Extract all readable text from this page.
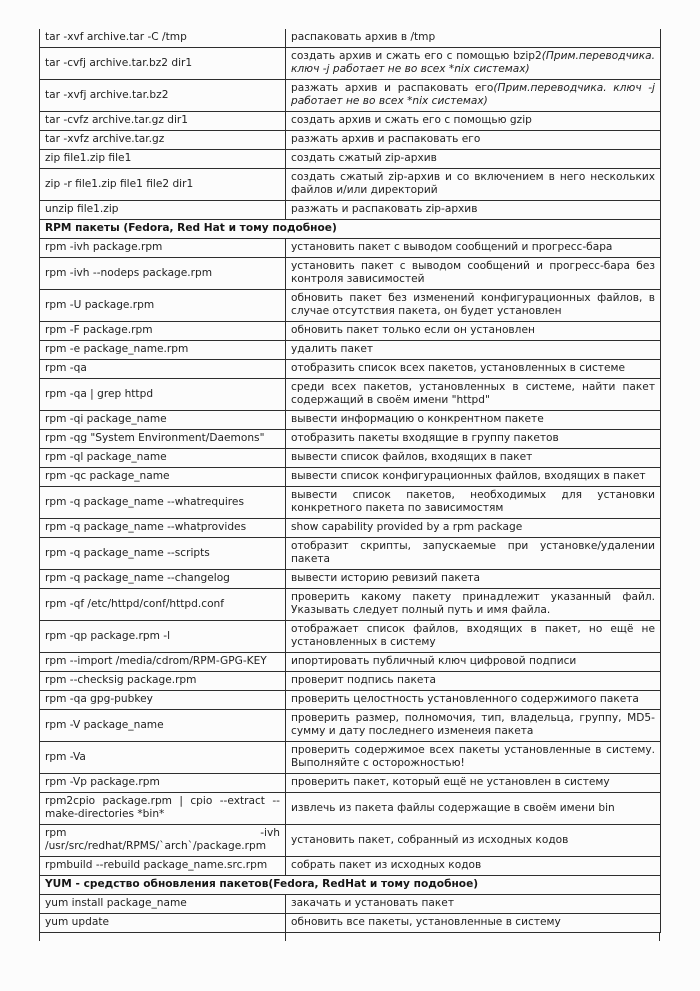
tar -xvf archive.tar -C /tmp	распаковать архив в /tmp
tar -cvfj archive.tar.bz2 dir1	создать архив и сжать его с помощью bzip2(Прим.переводчика. ключ -j работает не во всех *nix системах)
tar -xvfj archive.tar.bz2	разжать архив и распаковать его(Прим.переводчика. ключ -j работает не во всех *nix системах)
tar -cvfz archive.tar.gz dir1	создать архив и сжать его с помощью gzip
tar -xvfz archive.tar.gz	разжать архив и распаковать его
zip file1.zip file1	создать сжатый zip-архив
zip -r file1.zip file1 file2 dir1	создать сжатый zip-архив и со включением в него нескольких файлов и/или директорий
unzip file1.zip	разжать и распаковать zip-архив
RPM пакеты (Fedora, Red Hat и тому подобное)	
rpm -ivh package.rpm	установить пакет с выводом сообщений и прогресс-бара
rpm -ivh --nodeps package.rpm	установить пакет с выводом сообщений и прогресс-бара без контроля зависимостей
rpm -U package.rpm	обновить пакет без изменений конфигурационных файлов, в случае отсутствия пакета, он будет установлен
rpm -F package.rpm	обновить пакет только если он установлен
rpm -e package_name.rpm	удалить пакет
rpm -qa	отобразить список всех пакетов, установленных в системе
rpm -qa | grep httpd	среди всех пакетов, установленных в системе, найти пакет содержащий в своём имени "httpd"
rpm -qi package_name	вывести информацию о конкрентном пакете
rpm -qg "System Environment/Daemons"	отобразить пакеты входящие в группу пакетов
rpm -ql package_name	вывести список файлов, входящих в пакет
rpm -qc package_name	вывести список конфигурационных файлов, входящих в пакет
rpm -q package_name --whatrequires	вывести список пакетов, необходимых для установки конкретного пакета по зависимостям
rpm -q package_name --whatprovides	show capability provided by a rpm package
rpm -q package_name --scripts	отобразит скрипты, запускаемые при установке/удалении пакета
rpm -q package_name --changelog	вывести историю ревизий пакета
rpm -qf /etc/httpd/conf/httpd.conf	проверить какому пакету принадлежит указанный файл. Указывать следует полный путь и имя файла.
rpm -qp package.rpm -l	отображает список файлов, входящих в пакет, но ещё не установленных в систему
rpm --import /media/cdrom/RPM-GPG-KEY	ипортировать публичный ключ цифровой подписи
rpm --checksig package.rpm	проверит подпись пакета
rpm -qa gpg-pubkey	проверить целостность установленного содержимого пакета
rpm -V package_name	проверить размер, полномочия, тип, владельца, группу, MD5-сумму и дату последнего изменеия пакета
rpm -Va	проверить содержимое всех пакеты установленные в систему. Выполняйте с осторожностью!
rpm -Vp package.rpm	проверить пакет, который ещё не установлен в систему
rpm2cpio package.rpm | cpio --extract --make-directories *bin*	извлечь из пакета файлы содержащие в своём имени bin
rpm -ivh /usr/src/redhat/RPMS/`arch`/package.rpm	установить пакет, собранный из исходных кодов
rpmbuild --rebuild package_name.src.rpm	собрать пакет из исходных кодов
YUM - средство обновления пакетов(Fedora, RedHat и тому подобное)	
yum install package_name	закачать и установать пакет
yum update	обновить все пакеты, установленные в систему
